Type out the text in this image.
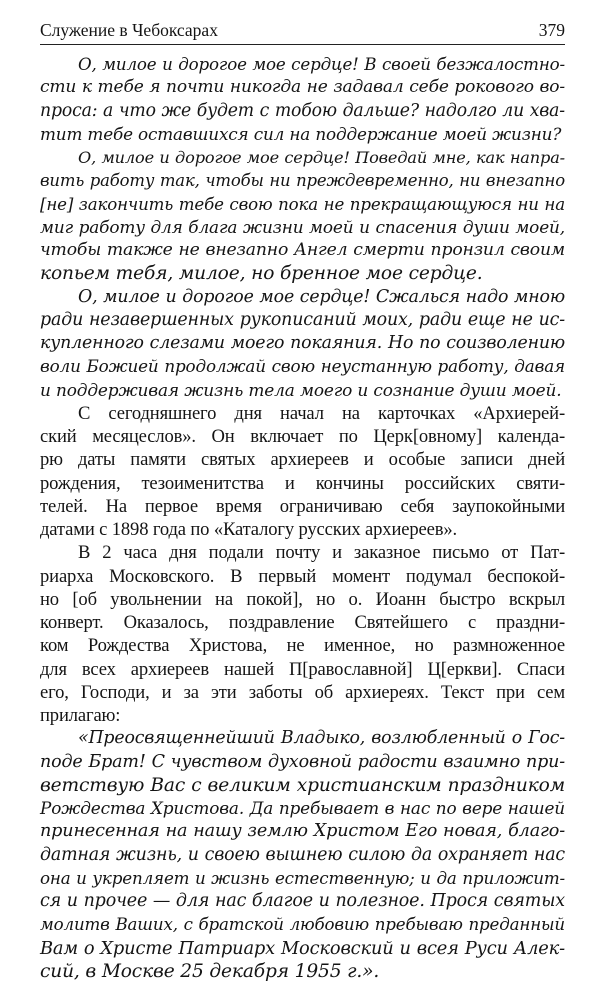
Служение в Чебоксарах	379
О, милое и дорогое мое сердце! В своей безжалостно-
сти к тебе я почти никогда не задавал себе рокового во-
проса: а что же будет с тобою дальше? надолго ли хва-
тит тебе оставшихся сил на поддержание моей жизни?
О, милое и дорогое мое сердце! Поведай мне, как напра-
вить работу так, чтобы ни преждевременно, ни внезапно
[не] закончить тебе свою пока не прекращающуюся ни на
миг работу для блага жизни моей и спасения души моей,
чтобы также не внезапно Ангел смерти пронзил своим
копьем тебя, милое, но бренное мое сердце.
О, милое и дорогое мое сердце! Сжалься надо мною
ради незавершенных рукописаний моих, ради еще не ис-
купленного слезами моего покаяния. Но по соизволению
воли Божией продолжай свою неустанную работу, давая
и поддерживая жизнь тела моего и сознание души моей.
С сегодняшнего дня начал на карточках «Архиерей-
ский месяцеслов». Он включает по Церк[овному] календа-
рю даты памяти святых архиереев и особые записи дней
рождения, тезоименитства и кончины российских святи-
телей. На первое время ограничиваю себя заупокойными
датами с 1898 года по «Каталогу русских архиереев».
В 2 часа дня подали почту и заказное письмо от Пат-
риарха Московского. В первый момент подумал беспокой-
но [об увольнении на покой], но о. Иоанн быстро вскрыл
конверт. Оказалось, поздравление Святейшего с праздни-
ком Рождества Христова, не именное, но размноженное
для всех архиереев нашей П[равославной] Ц[еркви]. Спаси
его, Господи, и за эти заботы об архиереях. Текст при сем
прилагаю:
«Преосвященнейший Владыко, возлюбленный о Гос-
поде Брат! С чувством духовной радости взаимно при-
ветствую Вас с великим христианским праздником
Рождества Христова. Да пребывает в нас по вере нашей
принесенная на нашу землю Христом Его новая, благо-
датная жизнь, и своею вышнею силою да охраняет нас
она и укрепляет и жизнь естественную; и да приложит-
ся и прочее — для нас благое и полезное. Прося святых
молитв Ваших, с братской любовию пребываю преданный
Вам о Христе Патриарх Московский и всея Руси Алек-
сий, в Москве 25 декабря 1955 г.».
